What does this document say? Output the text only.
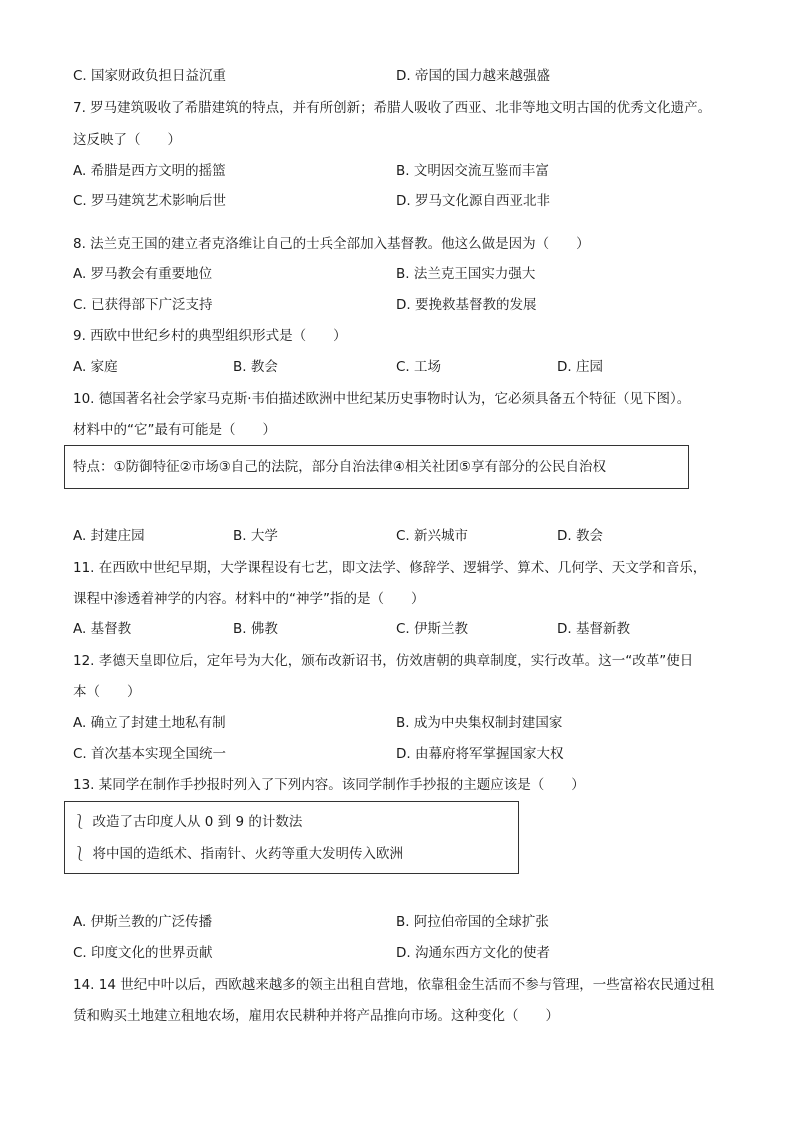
C. 国家财政负担日益沉重	D. 帝国的国力越来越强盛
7. 罗马建筑吸收了希腊建筑的特点，并有所创新；希腊人吸收了西亚、北非等地文明古国的优秀文化遗产。
这反映了（　　）
A. 希腊是西方文明的摇篮	B. 文明因交流互鉴而丰富
C. 罗马建筑艺术影响后世	D. 罗马文化源自西亚北非
8. 法兰克王国的建立者克洛维让自己的士兵全部加入基督教。他这么做是因为（　　）
A. 罗马教会有重要地位	B. 法兰克王国实力强大
C. 已获得部下广泛支持	D. 要挽救基督教的发展
9. 西欧中世纪乡村的典型组织形式是（　　）
A. 家庭	B. 教会	C. 工场	D. 庄园
10. 德国著名社会学家马克斯·韦伯描述欧洲中世纪某历史事物时认为，它必须具备五个特征（见下图）。
材料中的“它”最有可能是（　　）
特点：①防御特征②市场③自己的法院，部分自治法律④相关社团⑤享有部分的公民自治权
A. 封建庄园	B. 大学	C. 新兴城市	D. 教会
11. 在西欧中世纪早期，大学课程设有七艺，即文法学、修辞学、逻辑学、算术、几何学、天文学和音乐，
课程中渗透着神学的内容。材料中的“神学”指的是（　　）
A. 基督教	B. 佛教	C. 伊斯兰教	D. 基督新教
12. 孝德天皇即位后，定年号为大化，颁布改新诏书，仿效唐朝的典章制度，实行改革。这一“改革”使日
本（　　）
A. 确立了封建土地私有制	B. 成为中央集权制封建国家
C. 首次基本实现全国统一	D. 由幕府将军掌握国家大权
13. 某同学在制作手抄报时列入了下列内容。该同学制作手抄报的主题应该是（　　）
⎱ 改造了古印度人从 0 到 9 的计数法
⎱ 将中国的造纸术、指南针、火药等重大发明传入欧洲
A. 伊斯兰教的广泛传播	B. 阿拉伯帝国的全球扩张
C. 印度文化的世界贡献	D. 沟通东西方文化的使者
14. 14 世纪中叶以后，西欧越来越多的领主出租自营地，依靠租金生活而不参与管理，一些富裕农民通过租
赁和购买土地建立租地农场，雇用农民耕种并将产品推向市场。这种变化（　　）
